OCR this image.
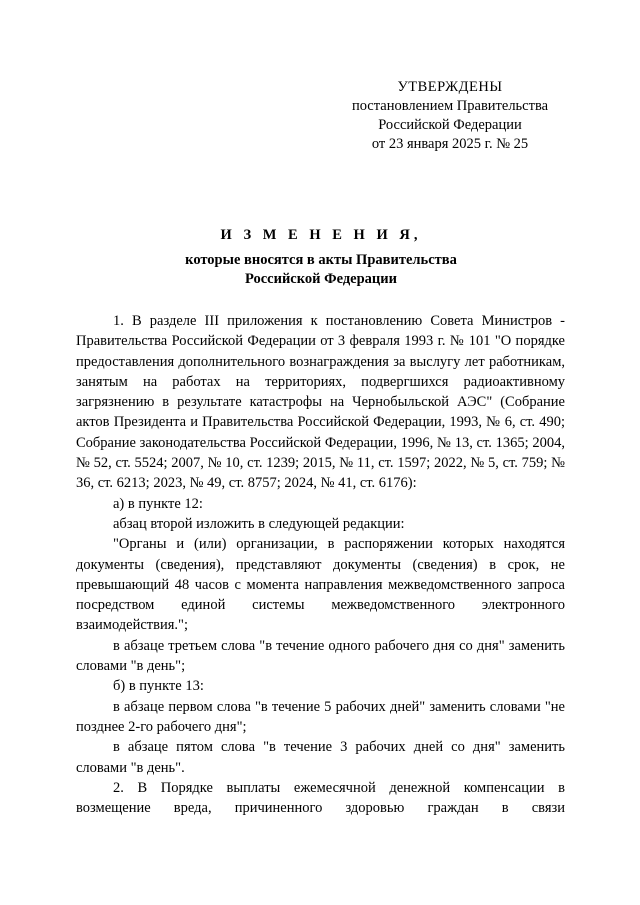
УТВЕРЖДЕНЫ
постановлением Правительства
Российской Федерации
от 23 января 2025 г. № 25
И З М Е Н Е Н И Я,
которые вносятся в акты Правительства
Российской Федерации

1. В разделе III приложения к постановлению Совета Министров - Правительства Российской Федерации от 3 февраля 1993 г. № 101 "О порядке предоставления дополнительного вознаграждения за выслугу лет работникам, занятым на работах на территориях, подвергшихся радиоактивному загрязнению в результате катастрофы на Чернобыльской АЭС" (Собрание актов Президента и Правительства Российской Федерации, 1993, № 6, ст. 490; Собрание законодательства Российской Федерации, 1996, № 13, ст. 1365; 2004, № 52, ст. 5524; 2007, № 10, ст. 1239; 2015, № 11, ст. 1597; 2022, № 5, ст. 759; № 36, ст. 6213; 2023, № 49, ст. 8757; 2024, № 41, ст. 6176):

а) в пункте 12:

абзац второй изложить в следующей редакции:

"Органы и (или) организации, в распоряжении которых находятся документы (сведения), представляют документы (сведения) в срок, не превышающий 48 часов с момента направления межведомственного запроса посредством единой системы межведомственного электронного взаимодействия.";

в абзаце третьем слова "в течение одного рабочего дня со дня" заменить словами "в день";

б) в пункте 13:

в абзаце первом слова "в течение 5 рабочих дней" заменить словами "не позднее 2-го рабочего дня";

в абзаце пятом слова "в течение 3 рабочих дней со дня" заменить словами "в день".

2. В Порядке выплаты ежемесячной денежной компенсации в возмещение вреда, причиненного здоровью граждан в связи
